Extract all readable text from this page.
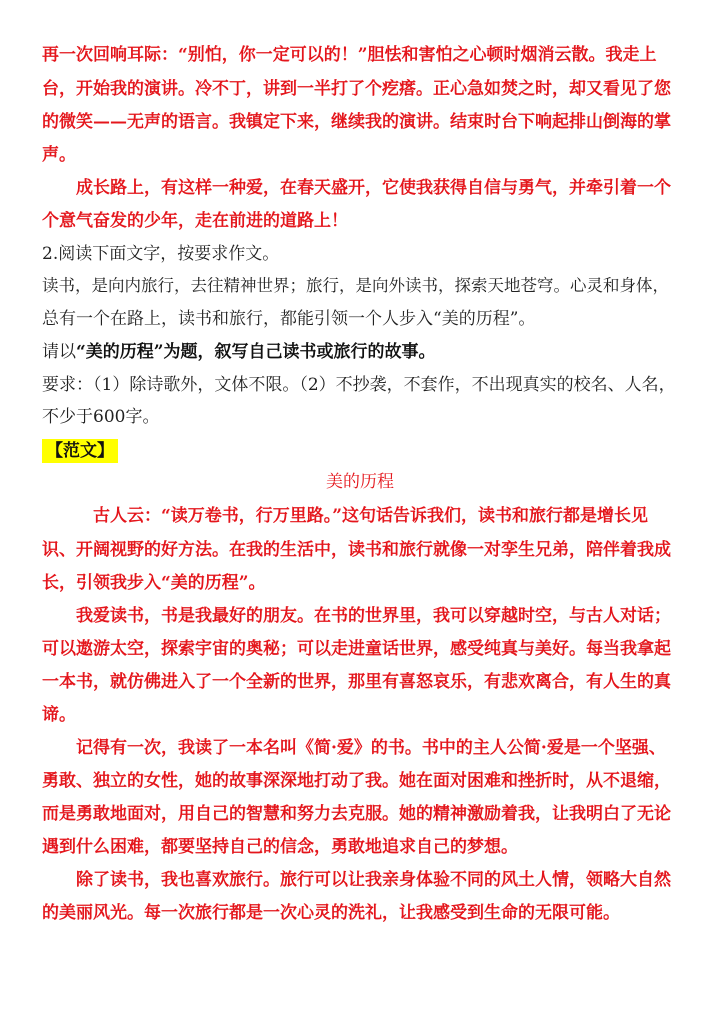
再一次回响耳际：“别怕，你一定可以的！”胆怯和害怕之心顿时烟消云散。我走上
台，开始我的演讲。冷不丁，讲到一半打了个疙瘩。正心急如焚之时，却又看见了您
的微笑——无声的语言。我镇定下来，继续我的演讲。结束时台下响起排山倒海的掌
声。
　　成长路上，有这样一种爱，在春天盛开，它使我获得自信与勇气，并牵引着一个
个意气奋发的少年，走在前进的道路上！
2.阅读下面文字，按要求作文。
读书，是向内旅行，去往精神世界；旅行，是向外读书，探索天地苍穹。心灵和身体，
总有一个在路上，读书和旅行，都能引领一个人步入“美的历程”。
请以“美的历程”为题，叙写自己读书或旅行的故事。
要求：（1）除诗歌外，文体不限。（2）不抄袭，不套作，不出现真实的校名、人名，
不少于600字。
【范文】
美的历程
　　　古人云：“读万卷书，行万里路。”这句话告诉我们，读书和旅行都是增长见
识、开阔视野的好方法。在我的生活中，读书和旅行就像一对孪生兄弟，陪伴着我成
长，引领我步入“美的历程”。
　　我爱读书，书是我最好的朋友。在书的世界里，我可以穿越时空，与古人对话；
可以遨游太空，探索宇宙的奥秘；可以走进童话世界，感受纯真与美好。每当我拿起
一本书，就仿佛进入了一个全新的世界，那里有喜怒哀乐，有悲欢离合，有人生的真
谛。
　　记得有一次，我读了一本名叫《简·爱》的书。书中的主人公简·爱是一个坚强、
勇敢、独立的女性，她的故事深深地打动了我。她在面对困难和挫折时，从不退缩，
而是勇敢地面对，用自己的智慧和努力去克服。她的精神激励着我，让我明白了无论
遇到什么困难，都要坚持自己的信念，勇敢地追求自己的梦想。
　　除了读书，我也喜欢旅行。旅行可以让我亲身体验不同的风土人情，领略大自然
的美丽风光。每一次旅行都是一次心灵的洗礼，让我感受到生命的无限可能。
